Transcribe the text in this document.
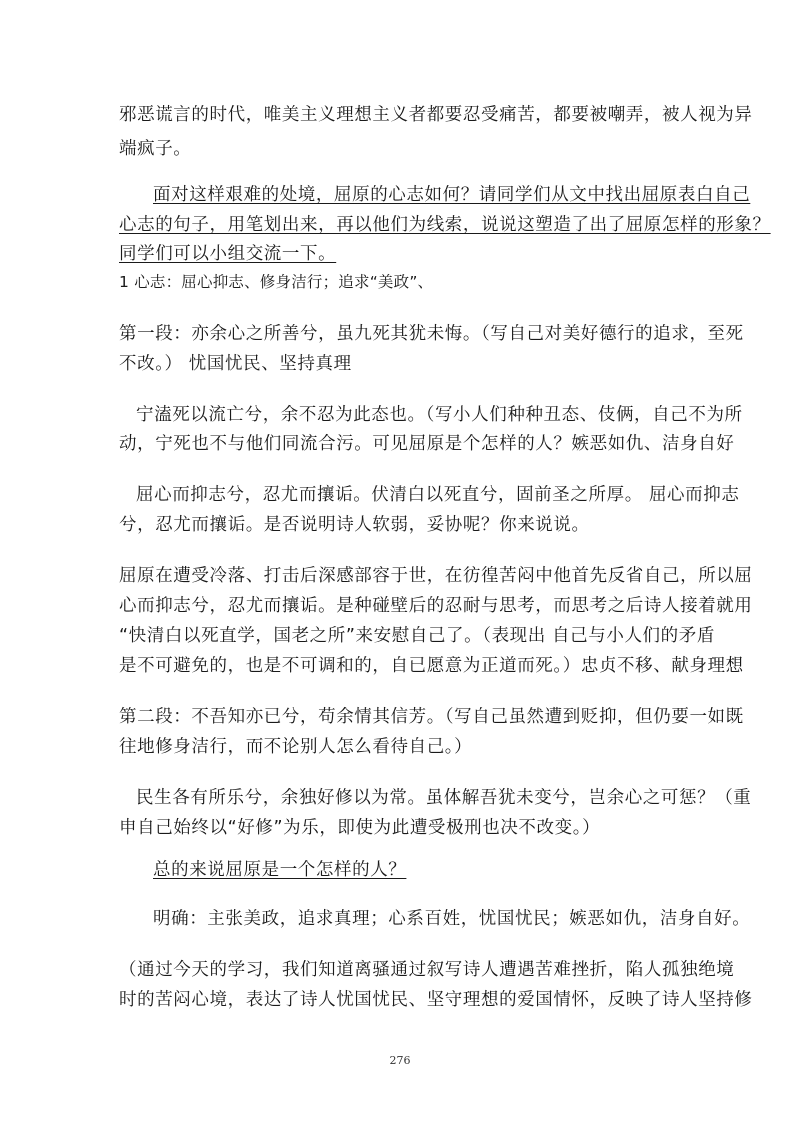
邪恶谎言的时代，唯美主义理想主义者都要忍受痛苦，都要被嘲弄，被人视为异
端疯子。
面对这样艰难的处境，屈原的心志如何？请同学们从文中找出屈原表白自己
心志的句子，用笔划出来，再以他们为线索，说说这塑造了出了屈原怎样的形象？
同学们可以小组交流一下。
1 心志：屈心抑志、修身洁行；追求“美政”、
第一段：亦余心之所善兮，虽九死其犹未悔。（写自己对美好德行的追求，至死
不改。） 忧国忧民、坚持真理
宁溘死以流亡兮，余不忍为此态也。（写小人们种种丑态、伎俩，自己不为所
动，宁死也不与他们同流合污。可见屈原是个怎样的人？嫉恶如仇、洁身自好
屈心而抑志兮，忍尤而攘诟。伏清白以死直兮，固前圣之所厚。 屈心而抑志
兮，忍尤而攘诟。是否说明诗人软弱，妥协呢？你来说说。
屈原在遭受冷落、打击后深感部容于世，在彷徨苦闷中他首先反省自己，所以屈
心而抑志兮，忍尤而攘诟。是种碰壁后的忍耐与思考，而思考之后诗人接着就用
“快清白以死直学，国老之所”来安慰自己了。（表现出 自己与小人们的矛盾
是不可避免的，也是不可调和的，自已愿意为正道而死。）忠贞不移、献身理想
第二段：不吾知亦已兮，苟余情其信芳。（写自己虽然遭到贬抑，但仍要一如既
往地修身洁行，而不论别人怎么看待自己。）
民生各有所乐兮，余独好修以为常。虽体解吾犹未变兮，岂余心之可惩？（重
申自己始终以“好修”为乐，即使为此遭受极刑也决不改变。）
总的来说屈原是一个怎样的人？
明确：主张美政，追求真理；心系百姓，忧国忧民；嫉恶如仇，洁身自好。
（通过今天的学习，我们知道离骚通过叙写诗人遭遇苦难挫折，陷人孤独绝境
时的苦闷心境，表达了诗人忧国忧民、坚守理想的爱国情怀，反映了诗人坚持修
276
